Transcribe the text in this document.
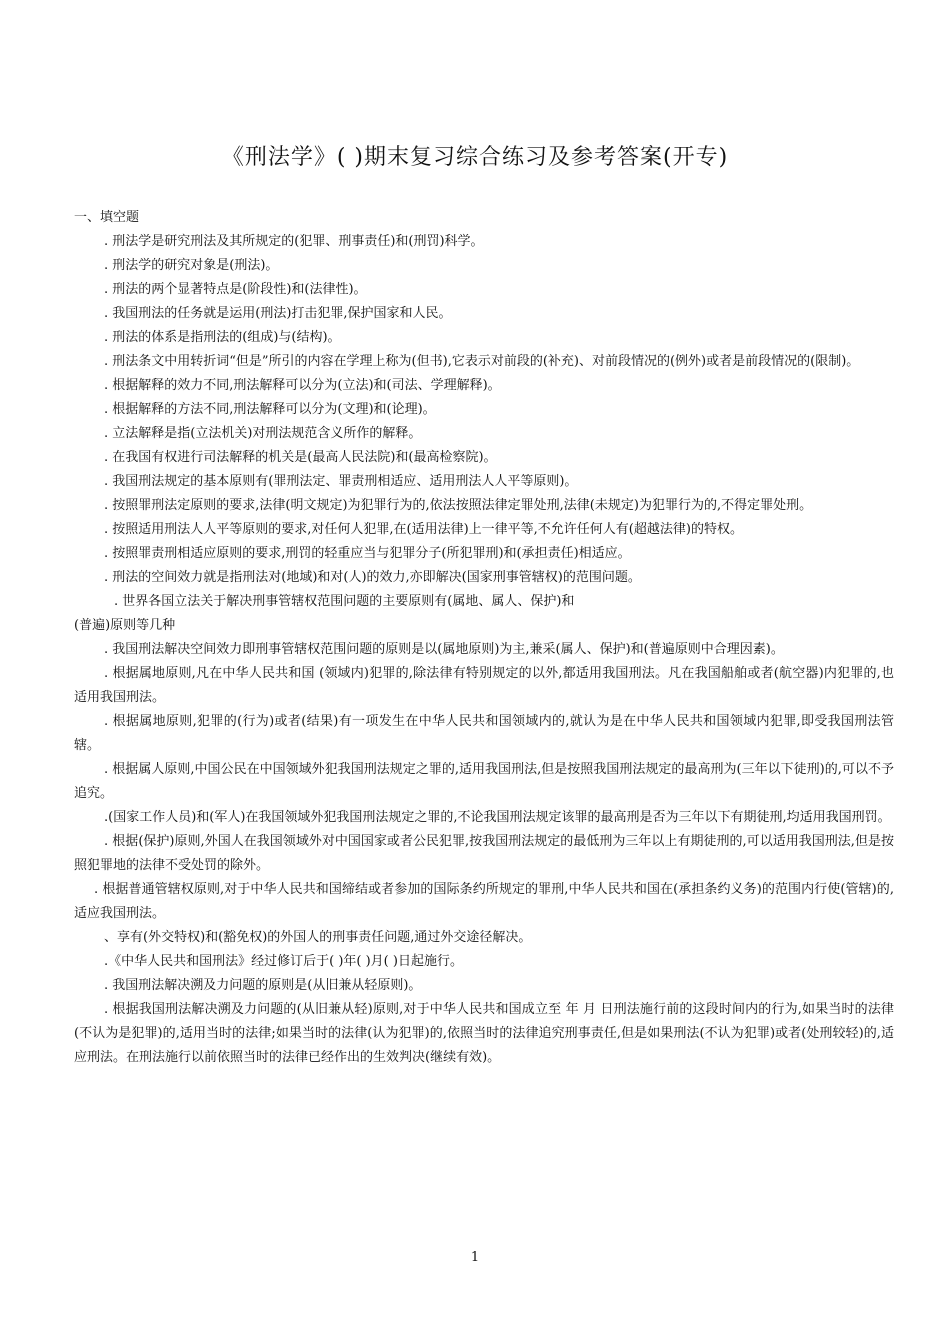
《刑法学》( )期末复习综合练习及参考答案(开专)
一、填空题

. 刑法学是研究刑法及其所规定的(犯罪、刑事责任)和(刑罚)科学。

. 刑法学的研究对象是(刑法)。

. 刑法的两个显著特点是(阶段性)和(法律性)。

. 我国刑法的任务就是运用(刑法)打击犯罪,保护国家和人民。

. 刑法的体系是指刑法的(组成)与(结构)。

. 刑法条文中用转折词“但是”所引的内容在学理上称为(但书),它表示对前段的(补充)、对前段情况的(例外)或者是前段情况的(限制)。

. 根据解释的效力不同,刑法解释可以分为(立法)和(司法、学理解释)。

. 根据解释的方法不同,刑法解释可以分为(文理)和(论理)。

. 立法解释是指(立法机关)对刑法规范含义所作的解释。

. 在我国有权进行司法解释的机关是(最高人民法院)和(最高检察院)。

. 我国刑法规定的基本原则有(罪刑法定、罪责刑相适应、适用刑法人人平等原则)。

. 按照罪刑法定原则的要求,法律(明文规定)为犯罪行为的,依法按照法律定罪处刑,法律(未规定)为犯罪行为的,不得定罪处刑。

. 按照适用刑法人人平等原则的要求,对任何人犯罪,在(适用法律)上一律平等,不允许任何人有(超越法律)的特权。

. 按照罪责刑相适应原则的要求,刑罚的轻重应当与犯罪分子(所犯罪刑)和(承担责任)相适应。

. 刑法的空间效力就是指刑法对(地域)和对(人)的效力,亦即解决(国家刑事管辖权)的范围问题。

. 世界各国立法关于解决刑事管辖权范围问题的主要原则有(属地、属人、保护)和

(普遍)原则等几种

. 我国刑法解决空间效力即刑事管辖权范围问题的原则是以(属地原则)为主,兼采(属人、保护)和(普遍原则中合理因素)。

. 根据属地原则,凡在中华人民共和国 (领域内)犯罪的,除法律有特别规定的以外,都适用我国刑法。凡在我国船舶或者(航空器)内犯罪的,也适用我国刑法。

. 根据属地原则,犯罪的(行为)或者(结果)有一项发生在中华人民共和国领域内的,就认为是在中华人民共和国领域内犯罪,即受我国刑法管辖。

. 根据属人原则,中国公民在中国领域外犯我国刑法规定之罪的,适用我国刑法,但是按照我国刑法规定的最高刑为(三年以下徒刑)的,可以不予追究。

.(国家工作人员)和(军人)在我国领域外犯我国刑法规定之罪的,不论我国刑法规定该罪的最高刑是否为三年以下有期徒刑,均适用我国刑罚。

. 根据(保护)原则,外国人在我国领域外对中国国家或者公民犯罪,按我国刑法规定的最低刑为三年以上有期徒刑的,可以适用我国刑法,但是按照犯罪地的法律不受处罚的除外。

. 根据普通管辖权原则,对于中华人民共和国缔结或者参加的国际条约所规定的罪刑,中华人民共和国在(承担条约义务)的范围内行使(管辖)的,适应我国刑法。

、享有(外交特权)和(豁免权)的外国人的刑事责任问题,通过外交途径解决。

.《中华人民共和国刑法》经过修订后于( )年( )月( )日起施行。

. 我国刑法解决溯及力问题的原则是(从旧兼从轻原则)。

. 根据我国刑法解决溯及力问题的(从旧兼从轻)原则,对于中华人民共和国成立至 年 月 日刑法施行前的这段时间内的行为,如果当时的法律(不认为是犯罪)的,适用当时的法律;如果当时的法律(认为犯罪)的,依照当时的法律追究刑事责任,但是如果刑法(不认为犯罪)或者(处刑较轻)的,适应刑法。在刑法施行以前依照当时的法律已经作出的生效判决(继续有效)。

1
